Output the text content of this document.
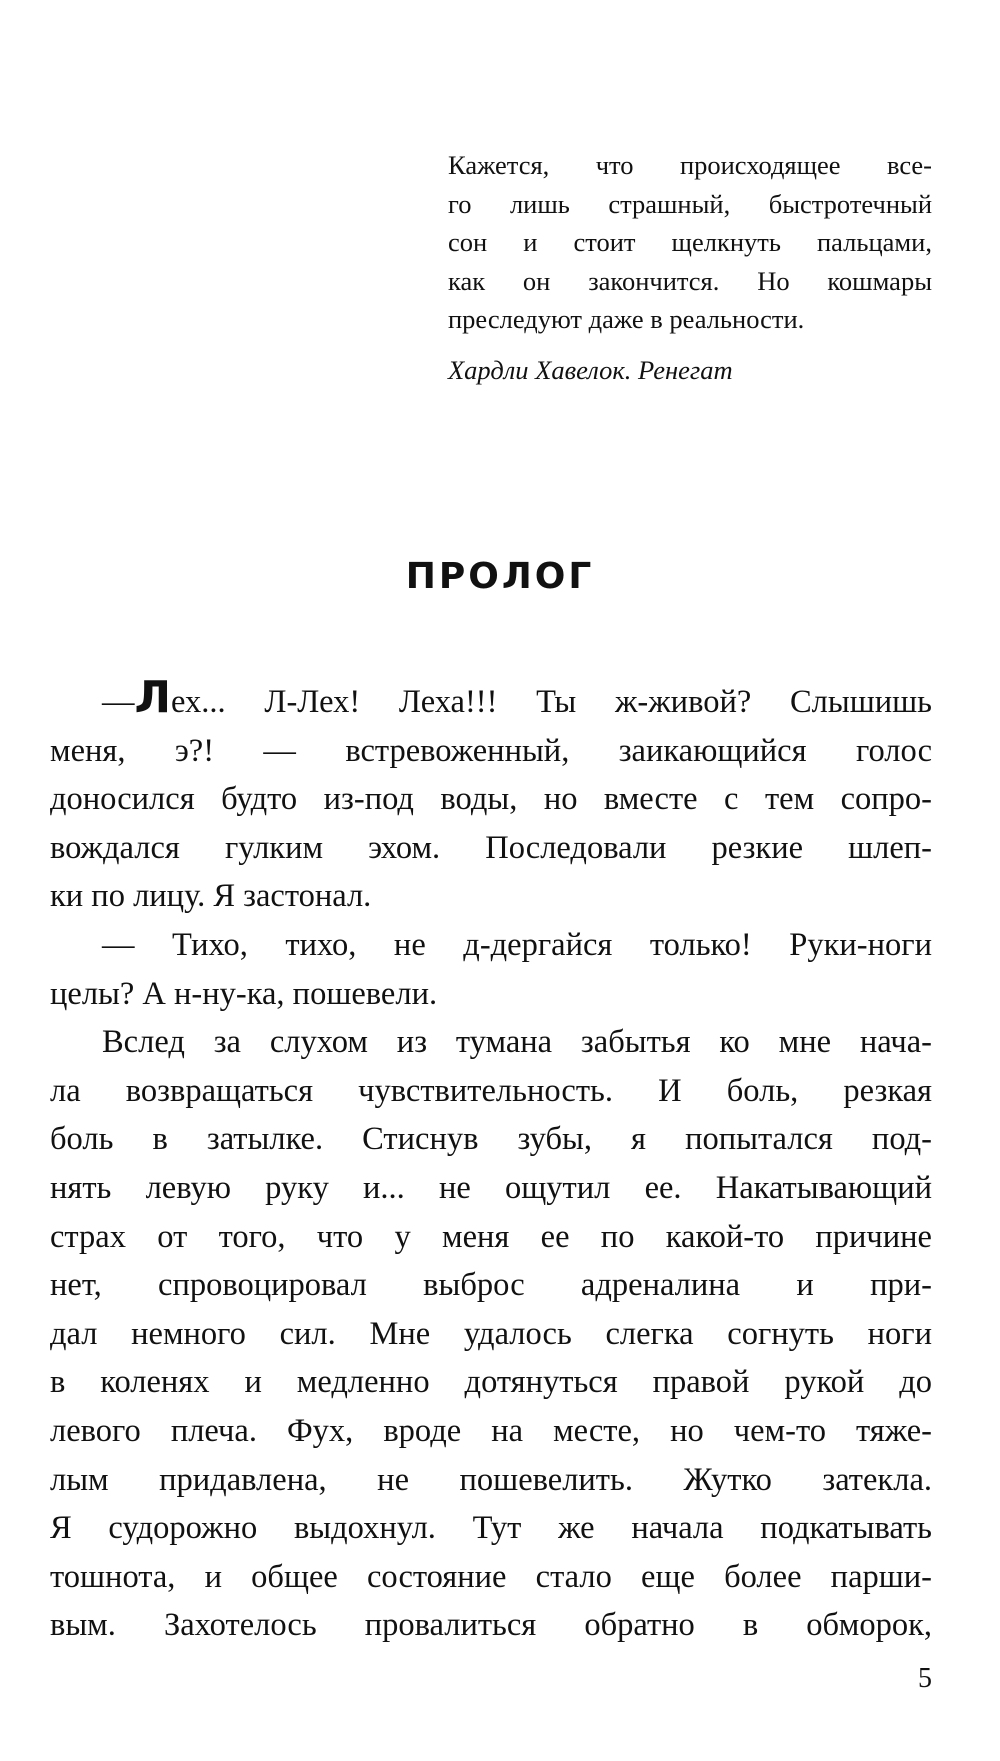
Кажется, что происходящее все-
го лишь страшный, быстротечный
сон и стоит щелкнуть пальцами,
как он закончится. Но кошмары
преследуют даже в реальности.
Хардли Хавелок. Ренегат
ПРОЛОГ
—Лех... Л-Лех! Леха!!! Ты ж-живой? Слышишь
меня, э?! — встревоженный, заикающийся голос
доносился будто из-под воды, но вместе с тем сопро-
вождался гулким эхом. Последовали резкие шлеп-
ки по лицу. Я застонал.
— Тихо, тихо, не д-дергайся только! Руки-ноги
целы? А н-ну-ка, пошевели.
Вслед за слухом из тумана забытья ко мне нача-
ла возвращаться чувствительность. И боль, резкая
боль в затылке. Стиснув зубы, я попытался под-
нять левую руку и... не ощутил ее. Накатывающий
страх от того, что у меня ее по какой-то причине
нет, спровоцировал выброс адреналина и при-
дал немного сил. Мне удалось слегка согнуть ноги
в коленях и медленно дотянуться правой рукой до
левого плеча. Фух, вроде на месте, но чем-то тяже-
лым придавлена, не пошевелить. Жутко затекла.
Я судорожно выдохнул. Тут же начала подкатывать
тошнота, и общее состояние стало еще более парши-
вым. Захотелось провалиться обратно в обморок,
5
